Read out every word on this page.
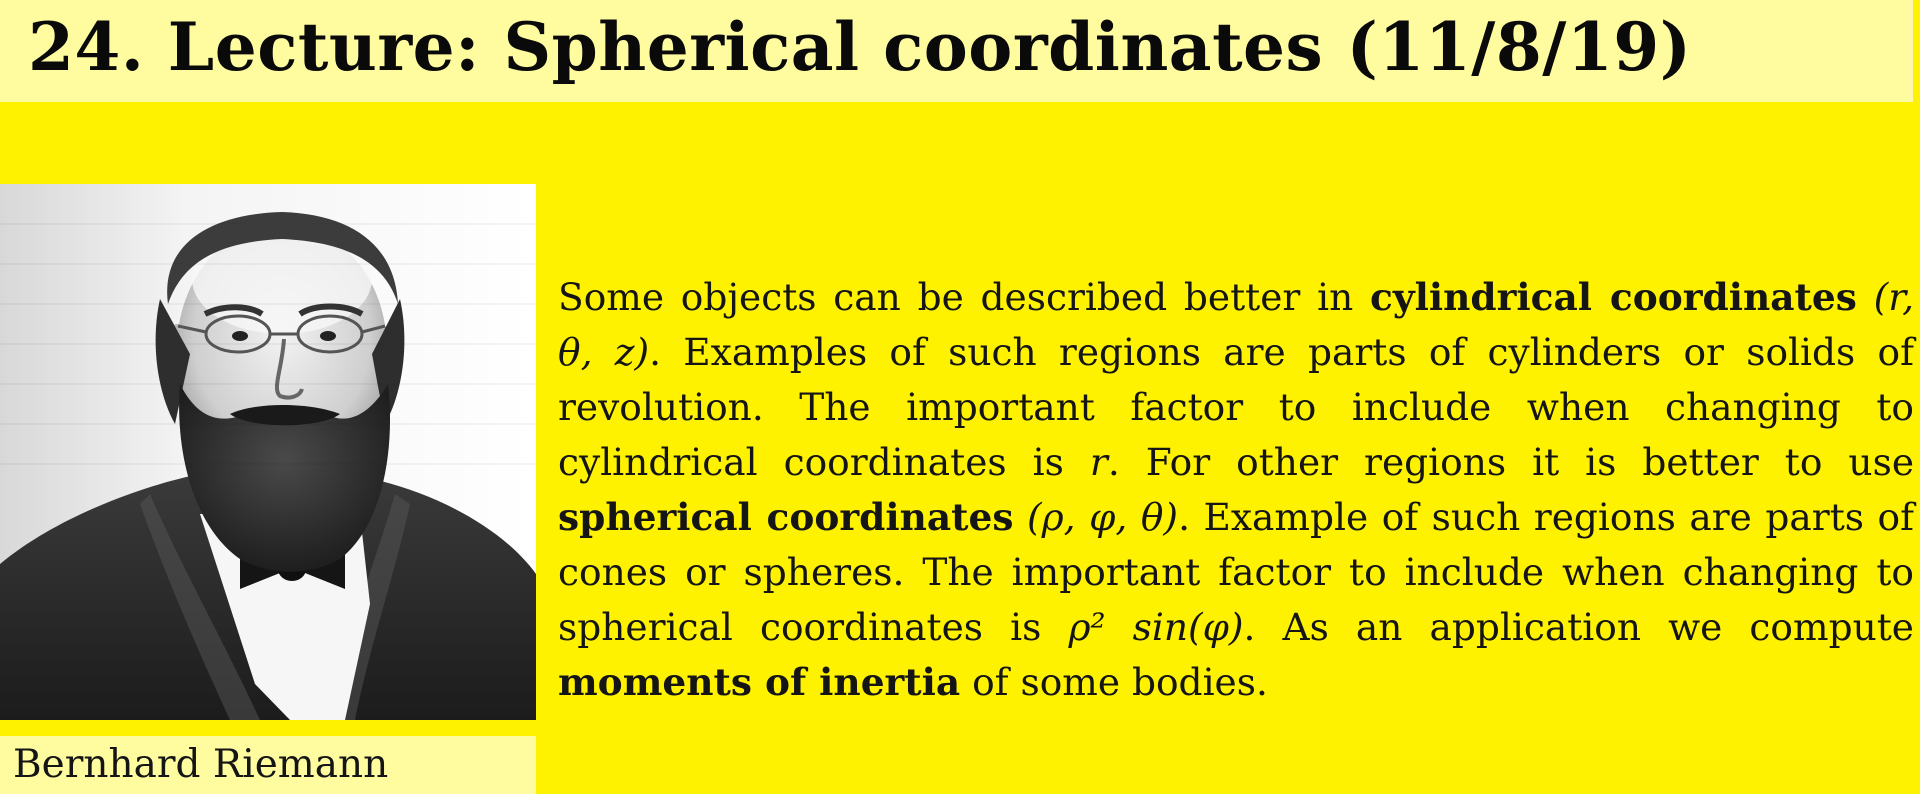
24. Lecture: Spherical coordinates (11/8/19)
Bernhard Riemann

Some objects can be described better in cylindrical coordinates (r, θ, z). Examples of such regions are parts of cylinders or solids of revolution. The important factor to include when changing to cylindrical coordinates is r. For other regions it is better to use spherical coordinates (ρ, φ, θ). Example of such regions are parts of cones or spheres. The important factor to include when changing to spherical coordinates is ρ² sin(φ). As an application we compute moments of inertia of some bodies.
